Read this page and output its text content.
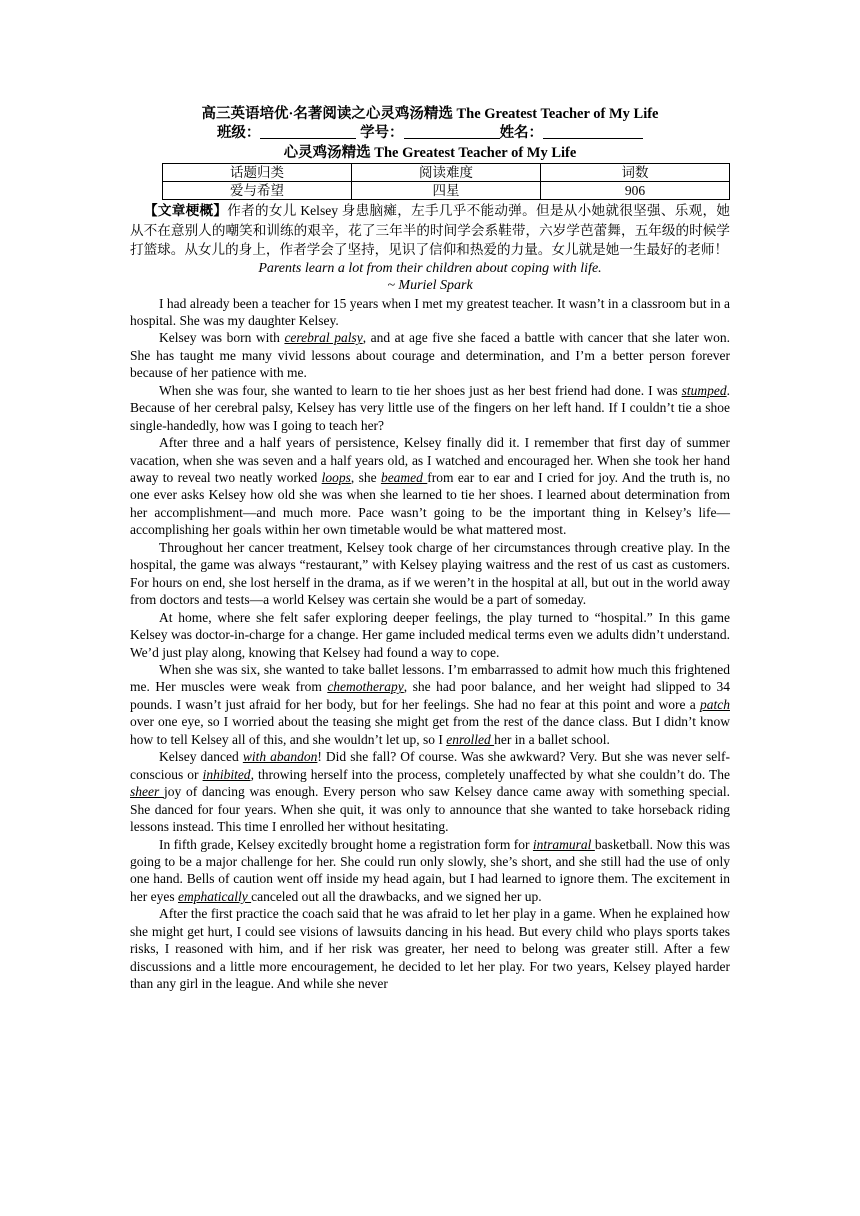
高三英语培优·名著阅读之心灵鸡汤精选 The Greatest Teacher of My Life
班级：	学号：	姓名：
心灵鸡汤精选 The Greatest Teacher of My Life
话题归类	阅读难度	词数
爱与希望	四星	906
【文章梗概】作者的女儿 Kelsey 身患脑瘫，左手几乎不能动弹。但是从小她就很坚强、乐观，她从不在意别人的嘲笑和训练的艰辛，花了三年半的时间学会系鞋带，六岁学芭蕾舞，五年级的时候学打篮球。从女儿的身上，作者学会了坚持，见识了信仰和热爱的力量。女儿就是她一生最好的老师！
Parents learn a lot from their children about coping with life.
~ Muriel Spark

I had already been a teacher for 15 years when I met my greatest teacher. It wasn’t in a classroom but in a hospital. She was my daughter Kelsey.

Kelsey was born with cerebral palsy, and at age five she faced a battle with cancer that she later won. She has taught me many vivid lessons about courage and determination, and I’m a better person forever because of her patience with me.

When she was four, she wanted to learn to tie her shoes just as her best friend had done. I was stumped. Because of her cerebral palsy, Kelsey has very little use of the fingers on her left hand. If I couldn’t tie a shoe single-handedly, how was I going to teach her?

After three and a half years of persistence, Kelsey finally did it. I remember that first day of summer vacation, when she was seven and a half years old, as I watched and encouraged her. When she took her hand away to reveal two neatly worked loops, she beamed from ear to ear and I cried for joy. And the truth is, no one ever asks Kelsey how old she was when she learned to tie her shoes. I learned about determination from her accomplishment—and much more. Pace wasn’t going to be the important thing in Kelsey’s life—accomplishing her goals within her own timetable would be what mattered most.

Throughout her cancer treatment, Kelsey took charge of her circumstances through creative play. In the hospital, the game was always “restaurant,” with Kelsey playing waitress and the rest of us cast as customers. For hours on end, she lost herself in the drama, as if we weren’t in the hospital at all, but out in the world away from doctors and tests—a world Kelsey was certain she would be a part of someday.

At home, where she felt safer exploring deeper feelings, the play turned to “hospital.” In this game Kelsey was doctor-in-charge for a change. Her game included medical terms even we adults didn’t understand. We’d just play along, knowing that Kelsey had found a way to cope.

When she was six, she wanted to take ballet lessons. I’m embarrassed to admit how much this frightened me. Her muscles were weak from chemotherapy, she had poor balance, and her weight had slipped to 34 pounds. I wasn’t just afraid for her body, but for her feelings. She had no fear at this point and wore a patch over one eye, so I worried about the teasing she might get from the rest of the dance class. But I didn’t know how to tell Kelsey all of this, and she wouldn’t let up, so I enrolled her in a ballet school.

Kelsey danced with abandon! Did she fall? Of course. Was she awkward? Very. But she was never self-conscious or inhibited, throwing herself into the process, completely unaffected by what she couldn’t do. The sheer joy of dancing was enough. Every person who saw Kelsey dance came away with something special. She danced for four years. When she quit, it was only to announce that she wanted to take horseback riding lessons instead. This time I enrolled her without hesitating.

In fifth grade, Kelsey excitedly brought home a registration form for intramural basketball. Now this was going to be a major challenge for her. She could run only slowly, she’s short, and she still had the use of only one hand. Bells of caution went off inside my head again, but I had learned to ignore them. The excitement in her eyes emphatically canceled out all the drawbacks, and we signed her up.

After the first practice the coach said that he was afraid to let her play in a game. When he explained how she might get hurt, I could see visions of lawsuits dancing in his head. But every child who plays sports takes risks, I reasoned with him, and if her risk was greater, her need to belong was greater still. After a few discussions and a little more encouragement, he decided to let her play. For two years, Kelsey played harder than any girl in the league. And while she never
